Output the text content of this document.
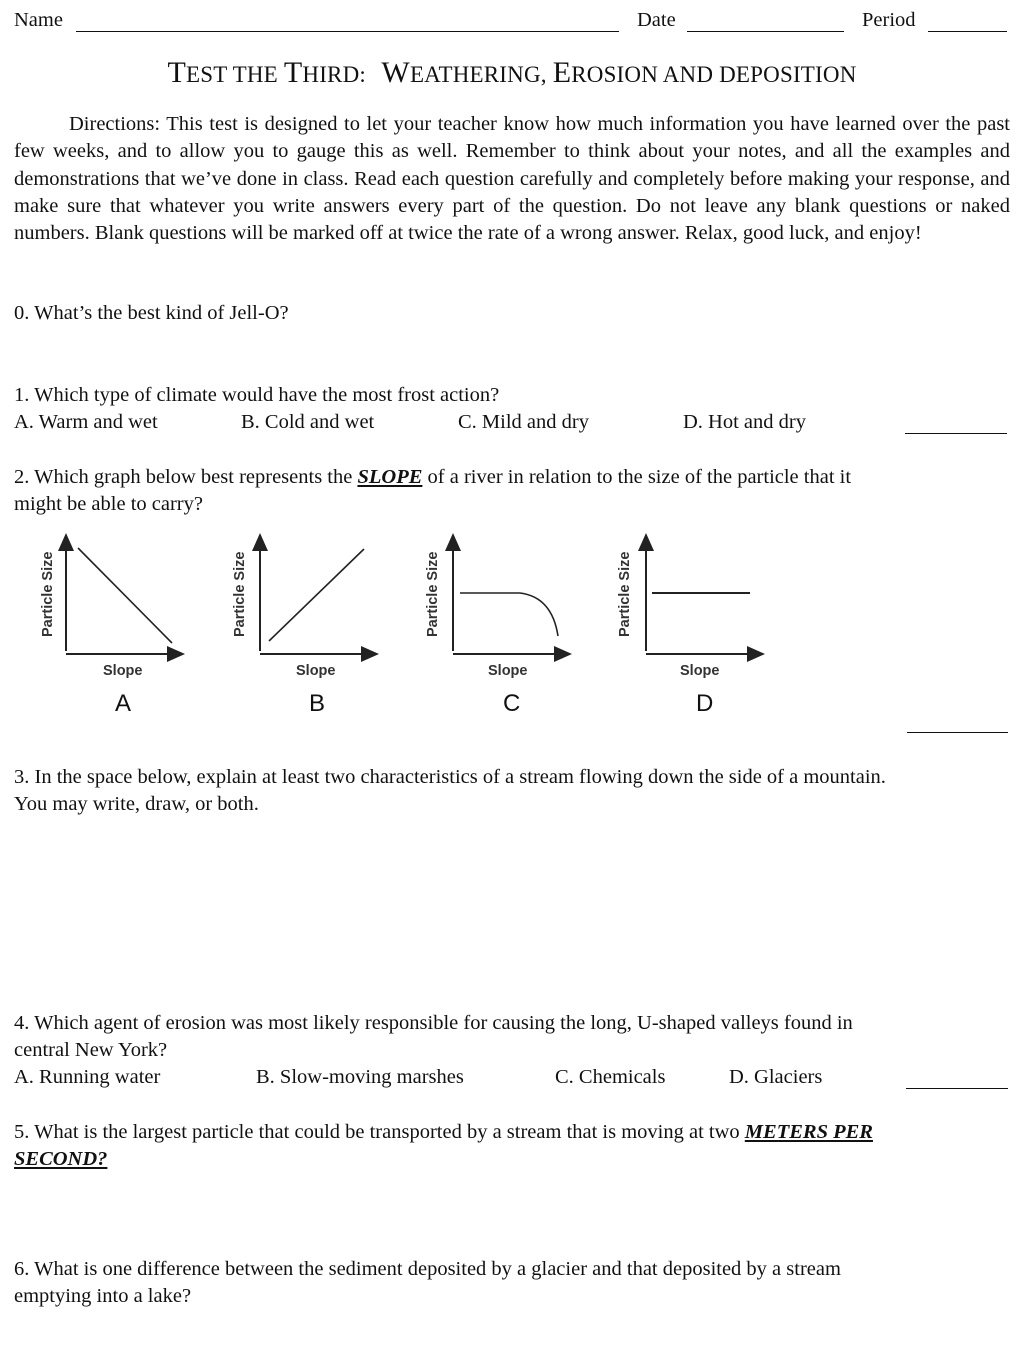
Name	Date	Period
TEST THE THIRD: WEATHERING, EROSION AND DEPOSITION
Directions: This test is designed to let your teacher know how much information you have learned over the past few weeks, and to allow you to gauge this as well. Remember to think about your notes, and all the examples and demonstrations that we’ve done in class. Read each question carefully and completely before making your response, and make sure that whatever you write answers every part of the question. Do not leave any blank questions or naked numbers. Blank questions will be marked off at twice the rate of a wrong answer. Relax, good luck, and enjoy!
0. What’s the best kind of Jell-O?
1. Which type of climate would have the most frost action?
A. Warm and wet	B. Cold and wet	C. Mild and dry	D. Hot and dry
2. Which graph below best represents the SLOPE of a river in relation to the size of the particle that it
might be able to carry?
Particle Size
Slope
A
Particle Size
Slope
B
Particle Size
Slope
C
Particle Size
Slope
D
3. In the space below, explain at least two characteristics of a stream flowing down the side of a mountain.
You may write, draw, or both.
4. Which agent of erosion was most likely responsible for causing the long, U-shaped valleys found in
central New York?
A. Running water	B. Slow-moving marshes	C. Chemicals	D. Glaciers
5. What is the largest particle that could be transported by a stream that is moving at two METERS PER
SECOND?
6. What is one difference between the sediment deposited by a glacier and that deposited by a stream
emptying into a lake?
